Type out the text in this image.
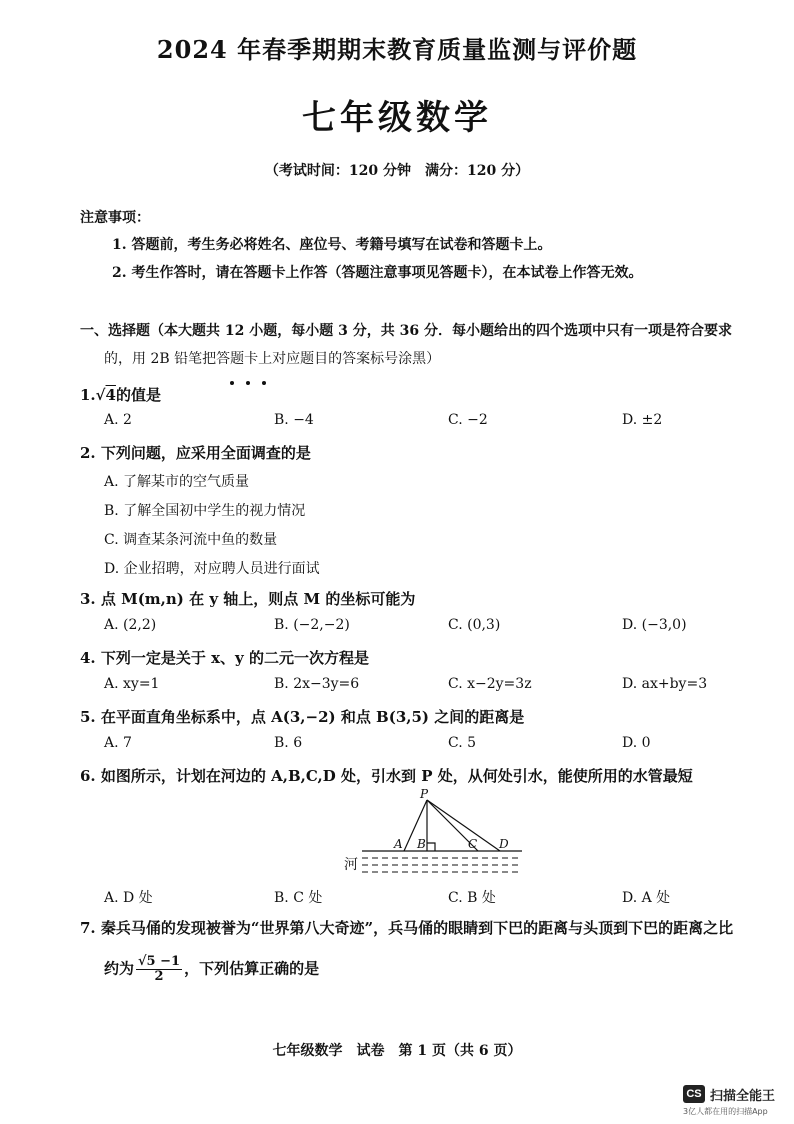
2024 年春季期期末教育质量监测与评价题
七年级数学
（考试时间：120 分钟　满分：120 分）
注意事项：
1. 答题前，考生务必将姓名、座位号、考籍号填写在试卷和答题卡上。
2. 考生作答时，请在答题卡上作答（答题注意事项见答题卡），在本试卷上作答无效。
一、选择题（本大题共 12 小题，每小题 3 分，共 36 分．每小题给出的四个选项中只有一项是符合要求
的，用 2B 铅笔把答题卡上对应题目的答案标号涂黑）
1.√4的值是
A. 2	B. −4	C. −2	D. ±2
2. 下列问题，应采用全面调查的是
A. 了解某市的空气质量
B. 了解全国初中学生的视力情况
C. 调查某条河流中鱼的数量
D. 企业招聘，对应聘人员进行面试
3. 点 M(m,n) 在 y 轴上，则点 M 的坐标可能为
A. (2,2)	B. (−2,−2)	C. (0,3)	D. (−3,0)
4. 下列一定是关于 x、y 的二元一次方程是
A. xy=1	B. 2x−3y=6	C. x−2y=3z	D. ax+by=3
5. 在平面直角坐标系中，点 A(3,−2) 和点 B(3,5) 之间的距离是
A. 7	B. 6	C. 5	D. 0
6. 如图所示，计划在河边的 A,B,C,D 处，引水到 P 处，从何处引水，能使所用的水管最短
P
A B	C D
河
A. D 处	B. C 处	C. B 处	D. A 处
7. 秦兵马俑的发现被誉为“世界第八大奇迹”，兵马俑的眼睛到下巴的距离与头顶到下巴的距离之比
约为 $\frac{√5 -1}{2}$ ，下列估算正确的是
七年级数学　试卷　第 1 页（共 6 页）
CS 扫描全能王
3亿人都在用的扫描App
